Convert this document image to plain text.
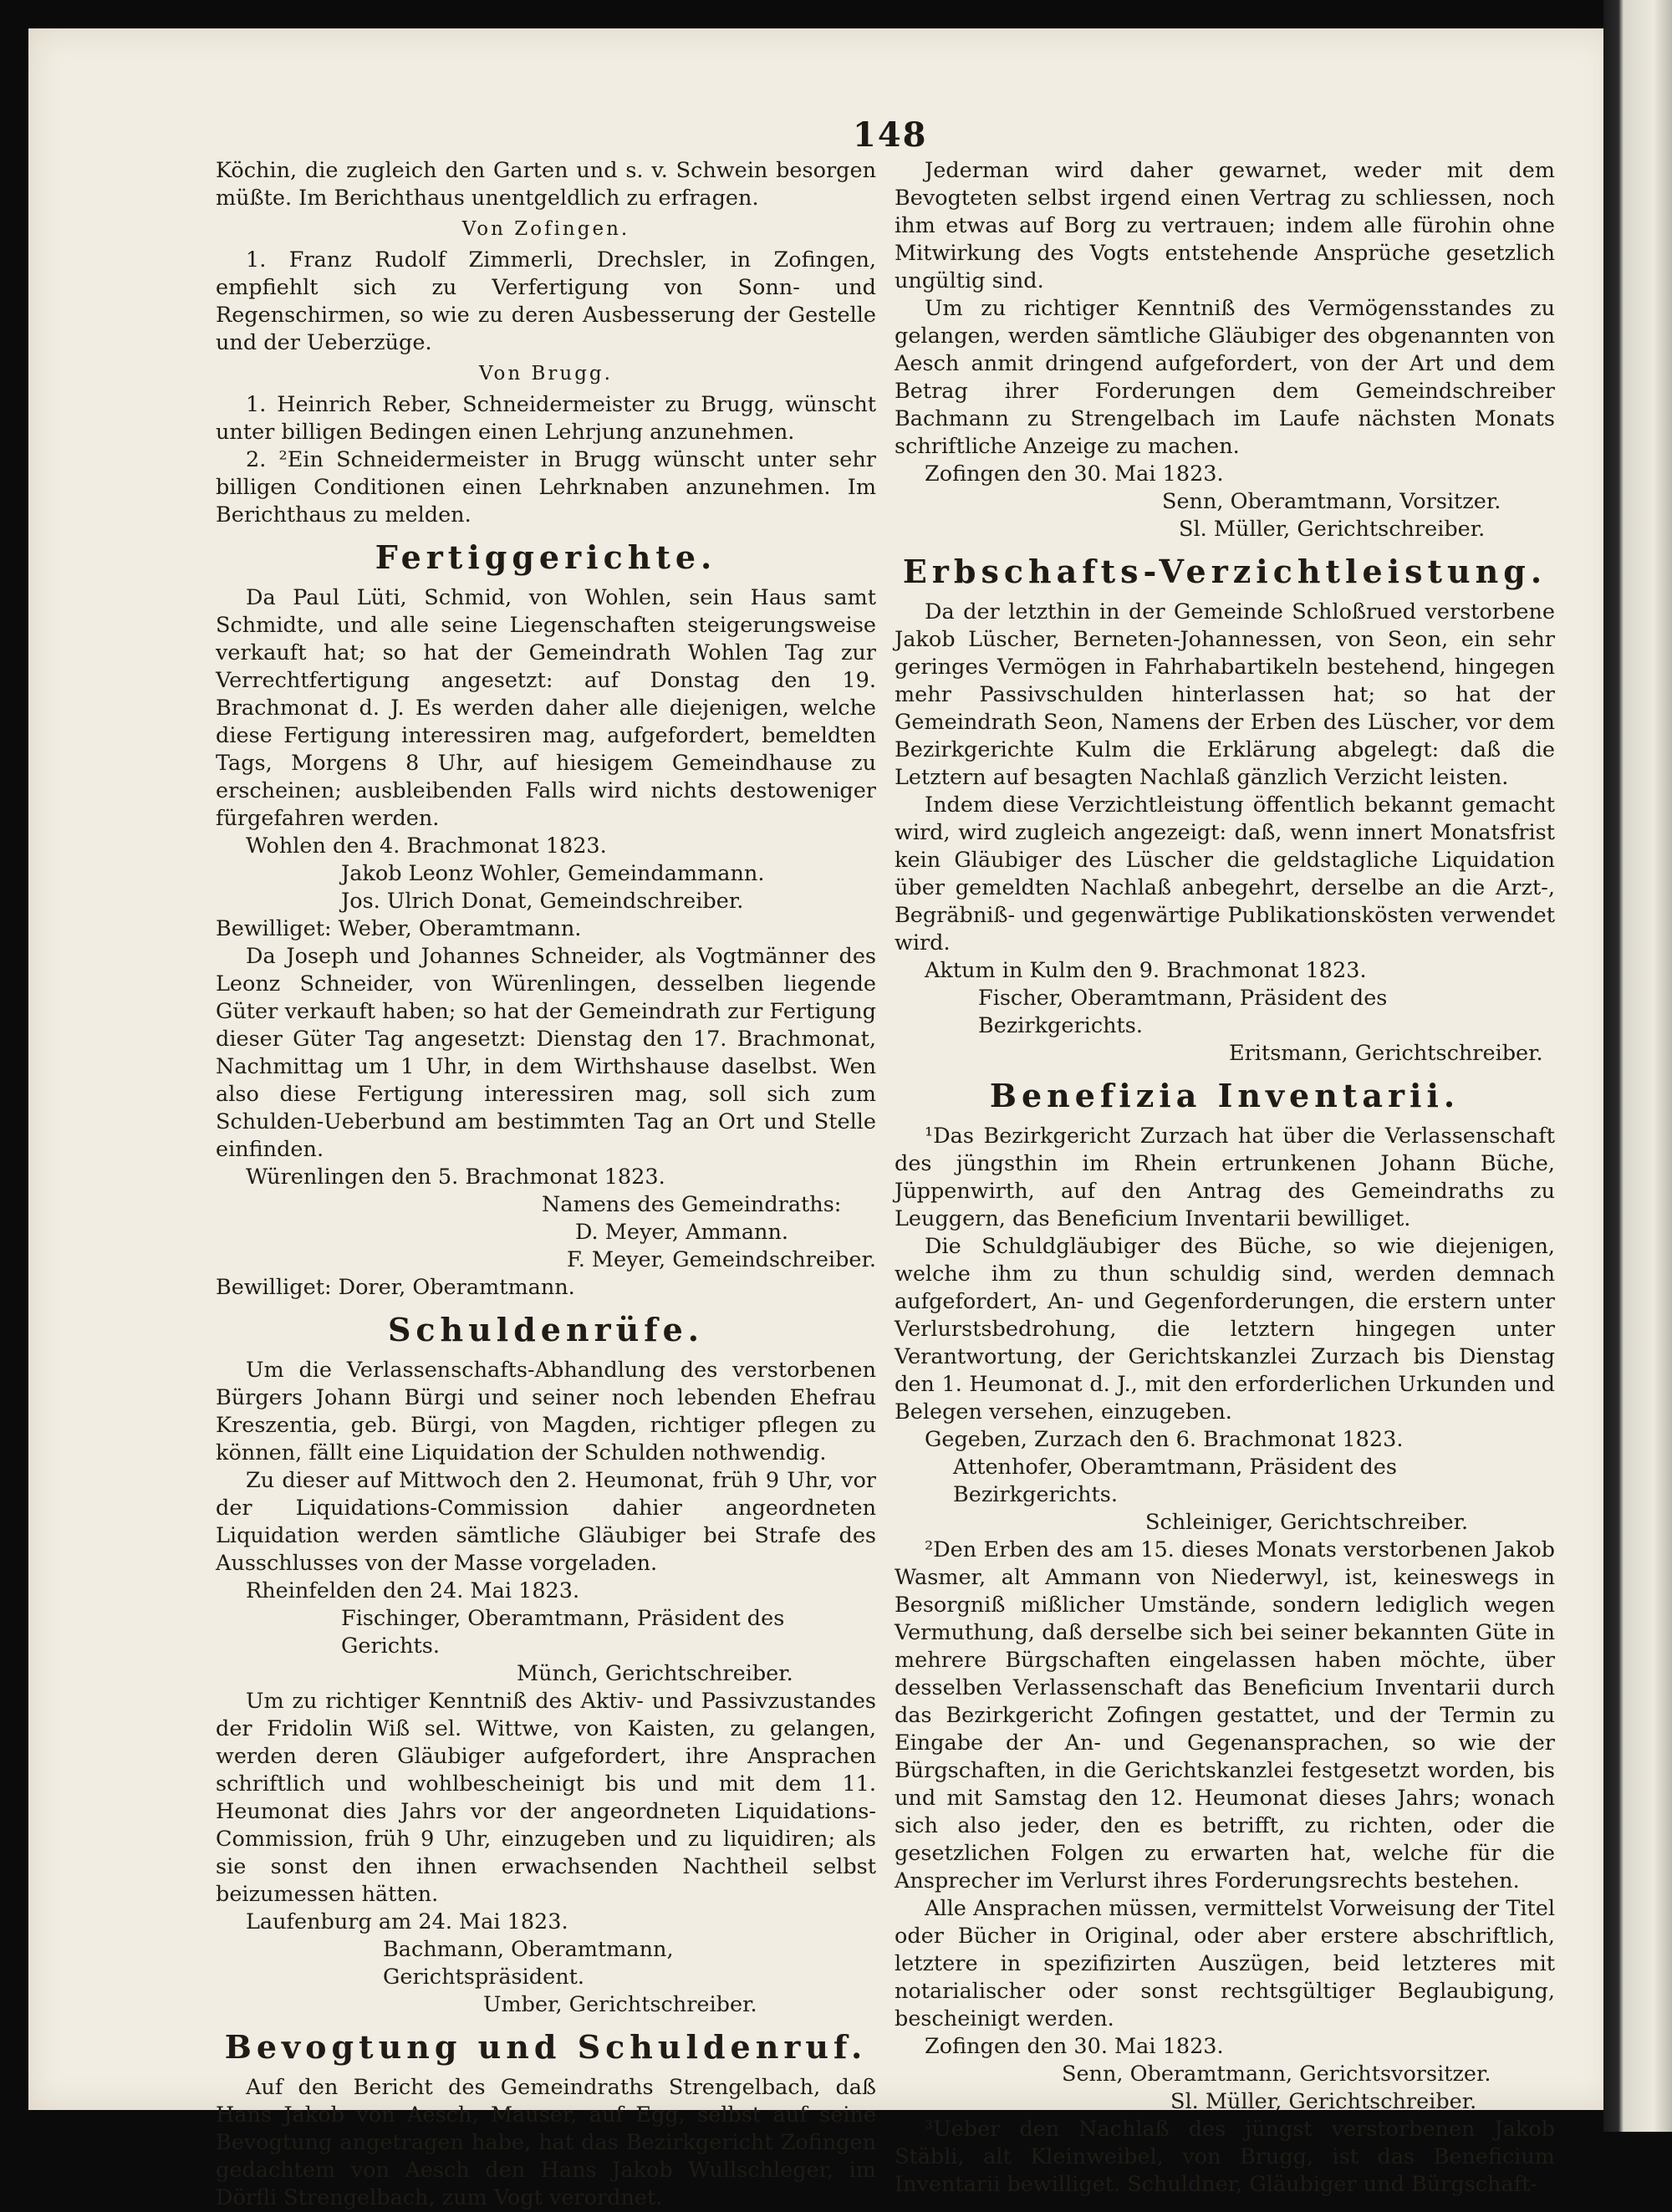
148

Köchin, die zugleich den Garten und s. v. Schwein besorgen müßte. Im Berichthaus unentgeldlich zu erfragen.

Von Zofingen.

1. Franz Rudolf Zimmerli, Drechsler, in Zofingen, empfiehlt sich zu Verfertigung von Sonn- und Regenschirmen, so wie zu deren Ausbesserung der Gestelle und der Ueberzüge.

Von Brugg.

1. Heinrich Reber, Schneidermeister zu Brugg, wünscht unter billigen Bedingen einen Lehrjung anzunehmen.

2. ²Ein Schneidermeister in Brugg wünscht unter sehr billigen Conditionen einen Lehrknaben anzunehmen. Im Berichthaus zu melden.

Fertiggerichte.

Da Paul Lüti, Schmid, von Wohlen, sein Haus samt Schmidte, und alle seine Liegenschaften steigerungsweise verkauft hat; so hat der Gemeindrath Wohlen Tag zur Verrechtfertigung angesetzt: auf Donstag den 19. Brachmonat d. J. Es werden daher alle diejenigen, welche diese Fertigung interessiren mag, aufgefordert, bemeldten Tags, Morgens 8 Uhr, auf hiesigem Gemeindhause zu erscheinen; ausbleibenden Falls wird nichts destoweniger fürgefahren werden.

Wohlen den 4. Brachmonat 1823.

Jakob Leonz Wohler, Gemeindammann.

Jos. Ulrich Donat, Gemeindschreiber.

Bewilliget: Weber, Oberamtmann.

Da Joseph und Johannes Schneider, als Vogtmänner des Leonz Schneider, von Würenlingen, desselben liegende Güter verkauft haben; so hat der Gemeindrath zur Fertigung dieser Güter Tag angesetzt: Dienstag den 17. Brachmonat, Nachmittag um 1 Uhr, in dem Wirthshause daselbst. Wen also diese Fertigung interessiren mag, soll sich zum Schulden-Ueberbund am bestimmten Tag an Ort und Stelle einfinden.

Würenlingen den 5. Brachmonat 1823.

Namens des Gemeindraths:

D. Meyer, Ammann.

F. Meyer, Gemeindschreiber.

Bewilliget: Dorer, Oberamtmann.

Schuldenrüfe.

Um die Verlassenschafts-Abhandlung des verstorbenen Bürgers Johann Bürgi und seiner noch lebenden Ehefrau Kreszentia, geb. Bürgi, von Magden, richtiger pflegen zu können, fällt eine Liquidation der Schulden nothwendig.

Zu dieser auf Mittwoch den 2. Heumonat, früh 9 Uhr, vor der Liquidations-Commission dahier angeordneten Liquidation werden sämtliche Gläubiger bei Strafe des Ausschlusses von der Masse vorgeladen.

Rheinfelden den 24. Mai 1823.

Fischinger, Oberamtmann, Präsident des Gerichts.

Münch, Gerichtschreiber.

Um zu richtiger Kenntniß des Aktiv- und Passivzustandes der Fridolin Wiß sel. Wittwe, von Kaisten, zu gelangen, werden deren Gläubiger aufgefordert, ihre Ansprachen schriftlich und wohlbescheinigt bis und mit dem 11. Heumonat dies Jahrs vor der angeordneten Liquidations-Commission, früh 9 Uhr, einzugeben und zu liquidiren; als sie sonst den ihnen erwachsenden Nachtheil selbst beizumessen hätten.

Laufenburg am 24. Mai 1823.

Bachmann, Oberamtmann, Gerichtspräsident.

Umber, Gerichtschreiber.

Bevogtung und Schuldenruf.

Auf den Bericht des Gemeindraths Strengelbach, daß Hans Jakob von Aesch, Mauser, auf Egg, selbst auf seine Bevogtung angetragen habe, hat das Bezirkgericht Zofingen gedachtem von Aesch den Hans Jakob Wullschleger, im Dörfli Strengelbach, zum Vogt verordnet.

Jederman wird daher gewarnet, weder mit dem Bevogteten selbst irgend einen Vertrag zu schliessen, noch ihm etwas auf Borg zu vertrauen; indem alle fürohin ohne Mitwirkung des Vogts entstehende Ansprüche gesetzlich ungültig sind.

Um zu richtiger Kenntniß des Vermögensstandes zu gelangen, werden sämtliche Gläubiger des obgenannten von Aesch anmit dringend aufgefordert, von der Art und dem Betrag ihrer Forderungen dem Gemeindschreiber Bachmann zu Strengelbach im Laufe nächsten Monats schriftliche Anzeige zu machen.

Zofingen den 30. Mai 1823.

Senn, Oberamtmann, Vorsitzer.

Sl. Müller, Gerichtschreiber.

Erbschafts-Verzichtleistung.

Da der letzthin in der Gemeinde Schloßrued verstorbene Jakob Lüscher, Berneten-Johannessen, von Seon, ein sehr geringes Vermögen in Fahrhabartikeln bestehend, hingegen mehr Passivschulden hinterlassen hat; so hat der Gemeindrath Seon, Namens der Erben des Lüscher, vor dem Bezirkgerichte Kulm die Erklärung abgelegt: daß die Letztern auf besagten Nachlaß gänzlich Verzicht leisten.

Indem diese Verzichtleistung öffentlich bekannt gemacht wird, wird zugleich angezeigt: daß, wenn innert Monatsfrist kein Gläubiger des Lüscher die geldstagliche Liquidation über gemeldten Nachlaß anbegehrt, derselbe an die Arzt-, Begräbniß- und gegenwärtige Publikationskösten verwendet wird.

Aktum in Kulm den 9. Brachmonat 1823.

Fischer, Oberamtmann, Präsident des Bezirkgerichts.

Eritsmann, Gerichtschreiber.

Benefizia Inventarii.

¹Das Bezirkgericht Zurzach hat über die Verlassenschaft des jüngsthin im Rhein ertrunkenen Johann Büche, Jüppenwirth, auf den Antrag des Gemeindraths zu Leuggern, das Beneficium Inventarii bewilliget.

Die Schuldgläubiger des Büche, so wie diejenigen, welche ihm zu thun schuldig sind, werden demnach aufgefordert, An- und Gegenforderungen, die erstern unter Verlurstsbedrohung, die letztern hingegen unter Verantwortung, der Gerichtskanzlei Zurzach bis Dienstag den 1. Heumonat d. J., mit den erforderlichen Urkunden und Belegen versehen, einzugeben.

Gegeben, Zurzach den 6. Brachmonat 1823.

Attenhofer, Oberamtmann, Präsident des Bezirkgerichts.

Schleiniger, Gerichtschreiber.

²Den Erben des am 15. dieses Monats verstorbenen Jakob Wasmer, alt Ammann von Niederwyl, ist, keineswegs in Besorgniß mißlicher Umstände, sondern lediglich wegen Vermuthung, daß derselbe sich bei seiner bekannten Güte in mehrere Bürgschaften eingelassen haben möchte, über desselben Verlassenschaft das Beneficium Inventarii durch das Bezirkgericht Zofingen gestattet, und der Termin zu Eingabe der An- und Gegenansprachen, so wie der Bürgschaften, in die Gerichtskanzlei festgesetzt worden, bis und mit Samstag den 12. Heumonat dieses Jahrs; wonach sich also jeder, den es betrifft, zu richten, oder die gesetzlichen Folgen zu erwarten hat, welche für die Ansprecher im Verlurst ihres Forderungsrechts bestehen.

Alle Ansprachen müssen, vermittelst Vorweisung der Titel oder Bücher in Original, oder aber erstere abschriftlich, letztere in spezifizirten Auszügen, beid letzteres mit notarialischer oder sonst rechtsgültiger Beglaubigung, bescheinigt werden.

Zofingen den 30. Mai 1823.

Senn, Oberamtmann, Gerichtsvorsitzer.

Sl. Müller, Gerichtschreiber.

³Ueber den Nachlaß des jüngst verstorbenen Jakob Stäbli, alt Kleinweibel, von Brugg, ist das Beneficium Inventarii bewilliget. Schuldner, Gläubiger und Bürgschaft-
